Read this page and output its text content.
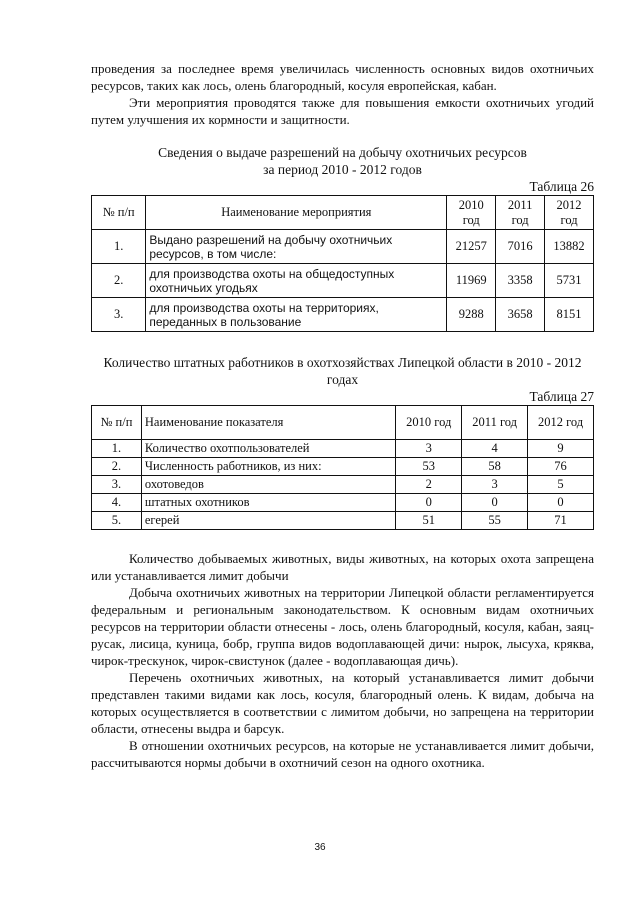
проведения за последнее время увеличилась численность основных видов охотничьих ресурсов, таких как лось, олень благородный, косуля европейская, кабан.

Эти мероприятия проводятся также для повышения емкости охотничьих угодий путем улучшения их кормности и защитности.

Сведения о выдаче разрешений на добычу охотничьих ресурсов за период 2010 - 2012 годов

Таблица 26

№ п/п	Наименование мероприятия	2010 год	2011 год	2012 год
1.	Выдано разрешений на добычу охотничьих ресурсов, в том числе:	21257	7016	13882
2.	для производства охоты на общедоступных охотничьих угодьях	11969	3358	5731
3.	для производства охоты на территориях, переданных в пользование	9288	3658	8151

Количество штатных работников в охотхозяйствах Липецкой области в 2010 - 2012 годах

Таблица 27

№ п/п	Наименование показателя	2010 год	2011 год	2012 год
1.	Количество охотпользователей	3	4	9
2.	Численность работников, из них:	53	58	76
3.	охотоведов	2	3	5
4.	штатных охотников	0	0	0
5.	егерей	51	55	71

Количество добываемых животных, виды животных, на которых охота запрещена или устанавливается лимит добычи

Добыча охотничьих животных на территории Липецкой области регламентируется федеральным и региональным законодательством. К основным видам охотничьих ресурсов на территории области отнесены - лось, олень благородный, косуля, кабан, заяц-русак, лисица, куница, бобр, группа видов водоплавающей дичи: нырок, лысуха, кряква, чирок-трескунок, чирок-свистунок (далее - водоплавающая дичь).

Перечень охотничьих животных, на который устанавливается лимит добычи представлен такими видами как лось, косуля, благородный олень. К видам, добыча на которых осуществляется в соответствии с лимитом добычи, но запрещена на территории области, отнесены выдра и барсук.

В отношении охотничьих ресурсов, на которые не устанавливается лимит добычи, рассчитываются нормы добычи в охотничий сезон на одного охотника.

36
